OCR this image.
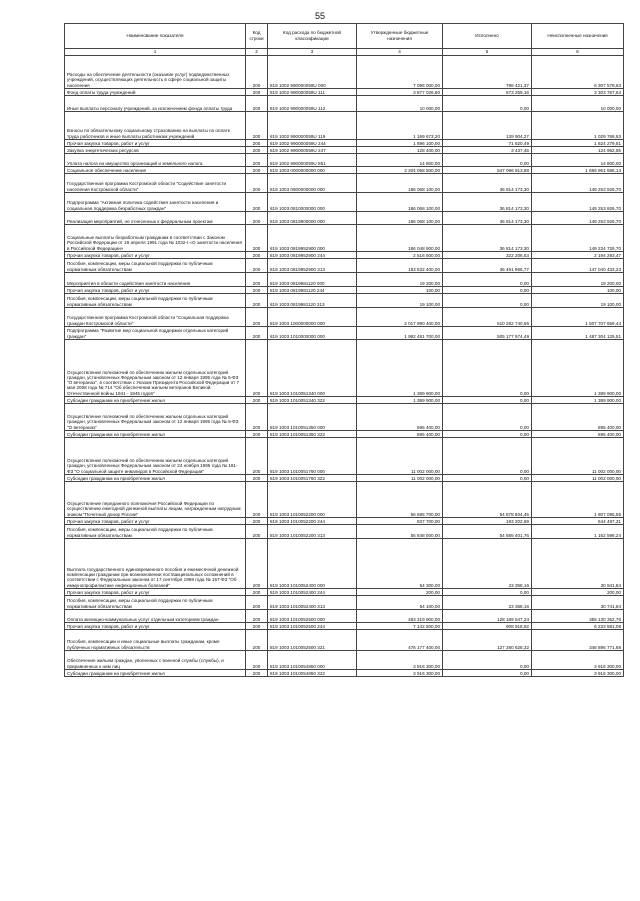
55
Наименование показателя	Код строки	Код расхода по бюджетной классификации	Утвержденные бюджетные назначения	Исполнено	Неисполненные назначения
1	2	3	4	5	6
Расходы на обеспечение деятельности (оказание услуг) подведомственных учреждений, осуществляющих деятельность в сфере социальной защиты населения	200	819 1002 990000059U 000	7 096 000,00	788 421,37	6 307 578,63
Фонд оплаты труда учреждений	200	819 1002 990000059U 111	3 877 026,80	573 259,16	3 303 767,64
Иные выплаты персоналу учреждений, за исключением фонда оплаты труда	200	819 1002 990000059U 112	10 000,00	0,00	10 000,00
Взносы по обязательному социальному страхованию на выплаты по оплате труда работников и иные выплаты работникам учреждений	200	819 1002 990000059U 119	1 169 673,20	139 904,27	1 029 768,93
Прочая закупка товаров, работ и услуг	200	819 1002 990000059U 244	1 896 100,00	71 820,49	1 824 279,51
Закупка энергетических ресурсов	200	819 1002 990000059U 247	128 400,00	3 437,45	124 962,55
Уплата налога на имущество организаций и земельного налога	200	819 1002 990000059U 851	14 800,00	0,00	14 800,00
Социальное обеспечение населения	200	819 1003 0000000000 000	2 204 058 500,00	547 096 913,86	1 656 961 586,14
Государственная программа Костромской области "Содействие занятости населения Костромской области"	200	819 1003 0800000000 000	186 068 100,00	36 814 173,30	149 253 926,70
Подпрограмма "Активная политика содействия занятости населения и социальная поддержка безработных граждан"	200	819 1003 0810000000 000	186 068 100,00	36 814 173,30	149 253 926,70
Реализация мероприятий, не отнесенных к федеральным проектам	200	819 1003 0819900000 000	186 068 100,00	36 814 173,30	149 253 926,70
Социальные выплаты безработным гражданам в соответствии с Законом Российской Федерации от 19 апреля 1991 года № 1032-I «О занятости населения в Российской Федерации»	200	819 1003 0819952900 000	186 048 900,00	36 814 173,30	149 234 726,70
Прочая закупка товаров, работ и услуг	200	819 1003 0819952900 244	2 516 500,00	322 206,53	2 194 293,47
Пособия, компенсации, меры социальной поддержки по публичным нормативным обязательствам	200	819 1003 0819952900 313	183 532 400,00	36 491 966,77	147 040 433,23
Мероприятия в области содействия занятости населения	200	819 1003 0819981120 000	19 200,00	0,00	19 200,00
Прочая закупка товаров, работ и услуг	200	819 1003 0819981120 244	100,00	0,00	100,00
Пособия, компенсации, меры социальной поддержки по публичным нормативным обязательствам	200	819 1003 0819981120 313	19 100,00	0,00	19 100,00
Государственная программа Костромской области "Социальная поддержка граждан Костромской области"	200	819 1003 1000000000 000	2 017 990 400,00	510 282 740,56	1 507 707 659,44
Подпрограмма "Развитие мер социальной поддержки отдельных категорий граждан"	200	819 1003 1010000000 000	1 992 481 700,00	505 177 574,49	1 487 304 125,51
Осуществление полномочий по обеспечению жильем отдельных категорий граждан, установленных Федеральным законом от 12 января 1995 года № 5-ФЗ "О ветеранах", в соответствии с Указом Президента Российской Федерации от 7 мая 2008 года № 714 "Об обеспечении жильем ветеранов Великой Отечественной войны 1941 - 1945 годов"	200	819 1003 1010051340 000	1 389 900,00	0,00	1 389 900,00
Субсидии гражданам на приобретение жилья	200	819 1003 1010051340 322	1 389 900,00	0,00	1 389 900,00
Осуществление полномочий по обеспечению жильем отдельных категорий граждан, установленных Федеральным законом от 12 января 1995 года № 5-ФЗ "О ветеранах"	200	819 1003 1010051350 000	695 400,00	0,00	695 400,00
Субсидии гражданам на приобретение жилья	200	819 1003 1010051350 322	695 400,00	0,00	695 400,00
Осуществление полномочий по обеспечению жильем отдельных категорий граждан, установленных Федеральным законом от 24 ноября 1995 года № 181-ФЗ "О социальной защите инвалидов в Российской Федерации"	200	819 1003 1010051760 000	11 002 000,00	0,00	11 002 000,00
Субсидии гражданам на приобретение жилья	200	819 1003 1010051760 322	11 002 000,00	0,00	11 002 000,00
Осуществление переданного полномочия Российской Федерации по осуществлению ежегодной денежной выплаты лицам, награжденным нагрудным знаком "Почетный донор России"	200	819 1003 1010052200 000	56 685 700,00	54 878 604,45	1 807 095,55
Прочая закупка товаров, работ и услуг	200	819 1003 1010052200 244	837 700,00	193 202,69	644 497,31
Пособия, компенсации, меры социальной поддержки по публичным нормативным обязательствам	200	819 1003 1010052200 313	55 848 000,00	54 685 401,76	1 162 598,24
Выплата государственного единовременного пособия и ежемесячной денежной компенсации гражданам при возникновении поствакцинальных осложнений в соответствии с Федеральным законом от 17 сентября 1998 года № 157-ФЗ "Об иммунопрофилактике инфекционных болезней"	200	819 1003 1010052400 000	54 300,00	23 358,16	30 941,84
Прочая закупка товаров, работ и услуг	200	819 1003 1010052400 244	200,00	0,00	200,00
Пособия, компенсации, меры социальной поддержки по публичным нормативным обязательствам	200	819 1003 1010052400 313	54 100,00	23 358,16	30 741,84
Оплата жилищно-коммунальных услуг отдельным категориям граждан	200	819 1003 1010052500 000	483 319 900,00	128 189 547,24	355 130 352,76
Прочая закупка товаров, работ и услуг	200	819 1003 1010052500 244	7 142 500,00	908 918,92	6 233 581,08
Пособия, компенсации и иные социальные выплаты гражданам, кроме публичных нормативных обязательств	200	819 1003 1010052500 321	476 177 400,00	127 280 628,32	348 896 771,68
Обеспечение жильем граждан, уволенных с военной службы (службы), и приравненных к ним лиц	200	819 1003 1010054850 000	3 916 300,00	0,00	3 916 300,00
Субсидии гражданам на приобретение жилья	200	819 1003 1010054850 322	3 916 300,00	0,00	3 916 300,00
